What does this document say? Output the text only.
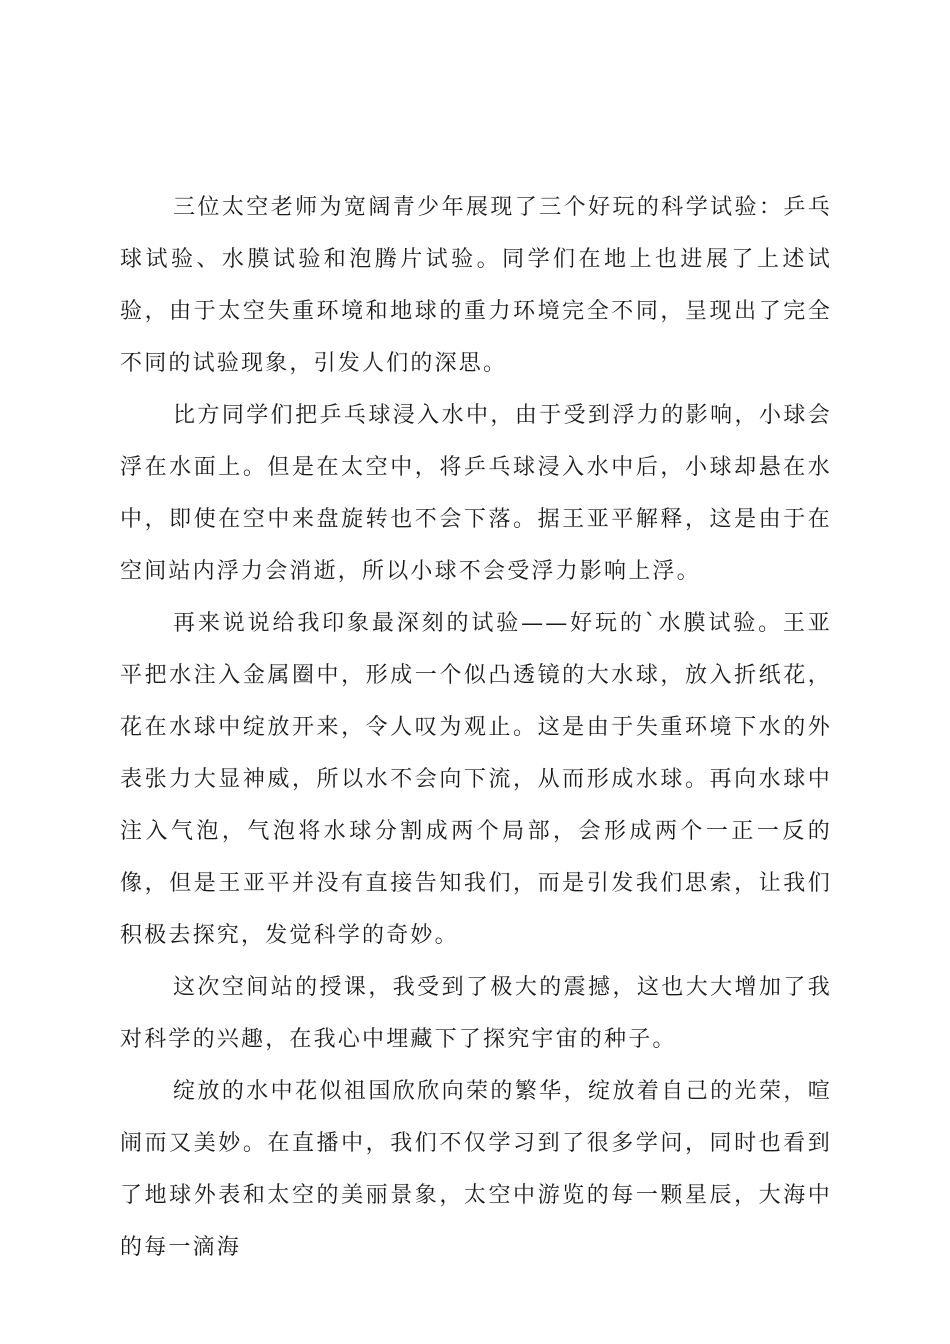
三位太空老师为宽阔青少年展现了三个好玩的科学试验：乒乓球试验、水膜试验和泡腾片试验。同学们在地上也进展了上述试验，由于太空失重环境和地球的重力环境完全不同，呈现出了完全不同的试验现象，引发人们的深思。

比方同学们把乒乓球浸入水中，由于受到浮力的影响，小球会浮在水面上。但是在太空中，将乒乓球浸入水中后，小球却悬在水中，即使在空中来盘旋转也不会下落。据王亚平解释，这是由于在空间站内浮力会消逝，所以小球不会受浮力影响上浮。

再来说说给我印象最深刻的试验——好玩的`水膜试验。王亚平把水注入金属圈中，形成一个似凸透镜的大水球，放入折纸花，花在水球中绽放开来，令人叹为观止。这是由于失重环境下水的外表张力大显神威，所以水不会向下流，从而形成水球。再向水球中注入气泡，气泡将水球分割成两个局部，会形成两个一正一反的像，但是王亚平并没有直接告知我们，而是引发我们思索，让我们积极去探究，发觉科学的奇妙。

这次空间站的授课，我受到了极大的震撼，这也大大增加了我对科学的兴趣，在我心中埋藏下了探究宇宙的种子。

绽放的水中花似祖国欣欣向荣的繁华，绽放着自己的光荣，喧闹而又美妙。在直播中，我们不仅学习到了很多学问，同时也看到了地球外表和太空的美丽景象，太空中游览的每一颗星辰，大海中的每一滴海
